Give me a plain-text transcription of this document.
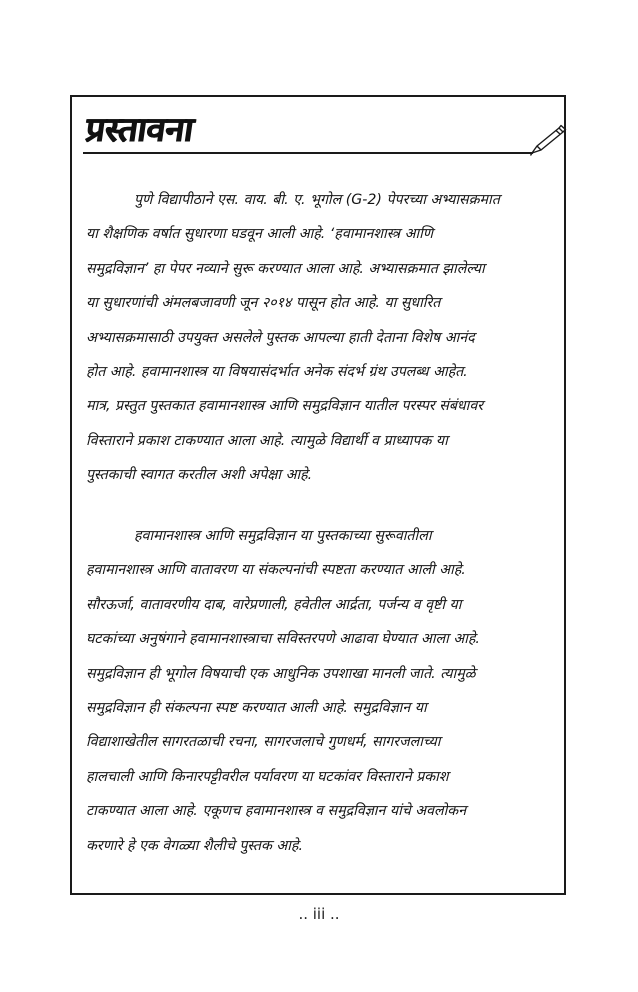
प्रस्तावना
पुणे विद्यापीठाने एस. वाय. बी. ए. भूगोल (G-2) पेपरच्या अभ्यासक्रमात
या शैक्षणिक वर्षात सुधारणा घडवून आली आहे. ‘हवामानशास्त्र आणि
समुद्रविज्ञान’ हा पेपर नव्याने सुरू करण्यात आला आहे. अभ्यासक्रमात झालेल्या
या सुधारणांची अंमलबजावणी जून २०१४ पासून होत आहे. या सुधारित
अभ्यासक्रमासाठी उपयुक्त असलेले पुस्तक आपल्या हाती देताना विशेष आनंद
होत आहे. हवामानशास्त्र या विषयासंदर्भात अनेक संदर्भ ग्रंथ उपलब्ध आहेत.
मात्र, प्रस्तुत पुस्तकात हवामानशास्त्र आणि समुद्रविज्ञान यातील परस्पर संबंधावर
विस्ताराने प्रकाश टाकण्यात आला आहे. त्यामुळे विद्यार्थी व प्राध्यापक या
पुस्तकाची स्वागत करतील अशी अपेक्षा आहे.
हवामानशास्त्र आणि समुद्रविज्ञान या पुस्तकाच्या सुरूवातीला
हवामानशास्त्र आणि वातावरण या संकल्पनांची स्पष्टता करण्यात आली आहे.
सौरऊर्जा, वातावरणीय दाब, वारेप्रणाली, हवेतील आर्द्रता, पर्जन्य व वृष्टी या
घटकांच्या अनुषंगाने हवामानशास्त्राचा सविस्तरपणे आढावा घेण्यात आला आहे.
समुद्रविज्ञान ही भूगोल विषयाची एक आधुनिक उपशाखा मानली जाते. त्यामुळे
समुद्रविज्ञान ही संकल्पना स्पष्ट करण्यात आली आहे. समुद्रविज्ञान या
विद्याशाखेतील सागरतळाची रचना, सागरजलाचे गुणधर्म, सागरजलाच्या
हालचाली आणि किनारपट्टीवरील पर्यावरण या घटकांवर विस्ताराने प्रकाश
टाकण्यात आला आहे. एकूणच हवामानशास्त्र व समुद्रविज्ञान यांचे अवलोकन
करणारे हे एक वेगळ्या शैलीचे पुस्तक आहे.
.. iii ..
